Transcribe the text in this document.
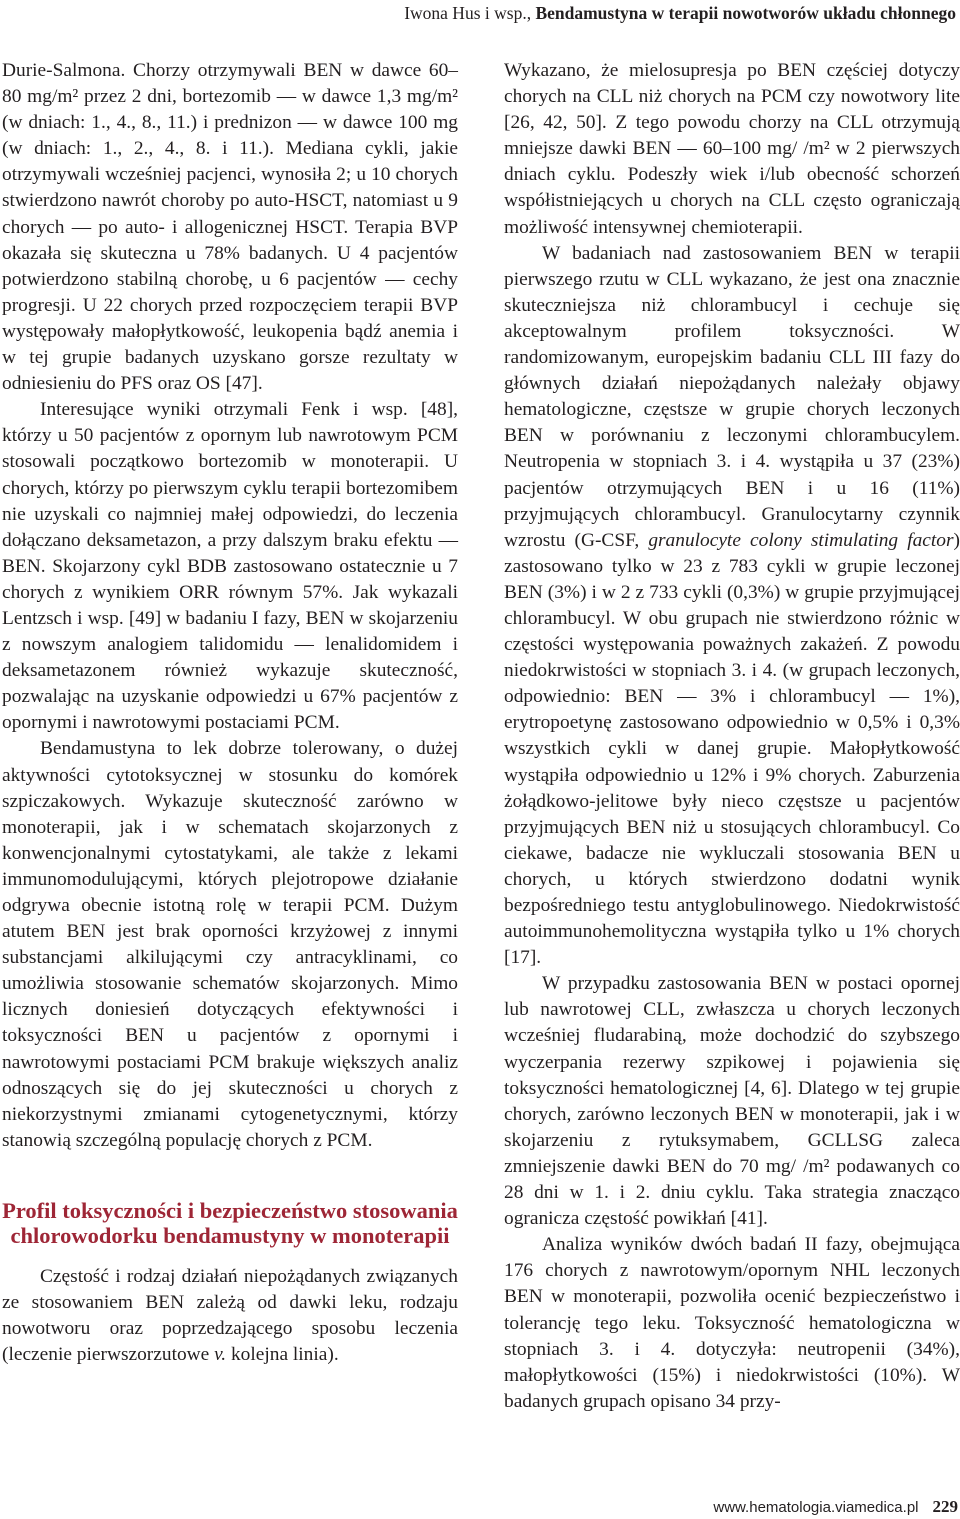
Iwona Hus i wsp., Bendamustyna w terapii nowotworów układu chłonnego

Durie-Salmona. Chorzy otrzymywali BEN w dawce 60–80 mg/m² przez 2 dni, bortezomib — w dawce 1,3 mg/m² (w dniach: 1., 4., 8., 11.) i prednizon — w dawce 100 mg (w dniach: 1., 2., 4., 8. i 11.). Mediana cykli, jakie otrzymywali wcześniej pacjenci, wynosiła 2; u 10 chorych stwierdzono nawrót choroby po auto-HSCT, natomiast u 9 chorych — po auto- i allogenicznej HSCT. Terapia BVP okazała się skuteczna u 78% badanych. U 4 pacjentów potwierdzono stabilną chorobę, u 6 pacjentów — cechy progresji. U 22 chorych przed rozpoczęciem terapii BVP występowały małopłytkowość, leukopenia bądź anemia i w tej grupie badanych uzyskano gorsze rezultaty w odniesieniu do PFS oraz OS [47].

Interesujące wyniki otrzymali Fenk i wsp. [48], którzy u 50 pacjentów z opornym lub nawrotowym PCM stosowali początkowo bortezomib w monoterapii. U chorych, którzy po pierwszym cyklu terapii bortezomibem nie uzyskali co najmniej małej odpowiedzi, do leczenia dołączano deksametazon, a przy dalszym braku efektu — BEN. Skojarzony cykl BDB zastosowano ostatecznie u 7 chorych z wynikiem ORR równym 57%. Jak wykazali Lentzsch i wsp. [49] w badaniu I fazy, BEN w skojarzeniu z nowszym analogiem talidomidu — lenalidomidem i deksametazonem również wykazuje skuteczność, pozwalając na uzyskanie odpowiedzi u 67% pacjentów z opornymi i nawrotowymi postaciami PCM.

Bendamustyna to lek dobrze tolerowany, o dużej aktywności cytotoksycznej w stosunku do komórek szpiczakowych. Wykazuje skuteczność zarówno w monoterapii, jak i w schematach skojarzonych z konwencjonalnymi cytostatykami, ale także z lekami immunomodulującymi, których plejotropowe działanie odgrywa obecnie istotną rolę w terapii PCM. Dużym atutem BEN jest brak oporności krzyżowej z innymi substancjami alkilującymi czy antracyklinami, co umożliwia stosowanie schematów skojarzonych. Mimo licznych doniesień dotyczących efektywności i toksyczności BEN u pacjentów z opornymi i nawrotowymi postaciami PCM brakuje większych analiz odnoszących się do jej skuteczności u chorych z niekorzystnymi zmianami cytogenetycznymi, którzy stanowią szczególną populację chorych z PCM.

Profil toksyczności i bezpieczeństwo stosowania chlorowodorku bendamustyny w monoterapii

Częstość i rodzaj działań niepożądanych związanych ze stosowaniem BEN zależą od dawki leku, rodzaju nowotworu oraz poprzedzającego sposobu leczenia (leczenie pierwszorzutowe v. kolejna linia).

Wykazano, że mielosupresja po BEN częściej dotyczy chorych na CLL niż chorych na PCM czy nowotwory lite [26, 42, 50]. Z tego powodu chorzy na CLL otrzymują mniejsze dawki BEN — 60–100 mg/ /m² w 2 pierwszych dniach cyklu. Podeszły wiek i/lub obecność schorzeń współistniejących u chorych na CLL często ograniczają możliwość intensywnej chemioterapii.

W badaniach nad zastosowaniem BEN w terapii pierwszego rzutu w CLL wykazano, że jest ona znacznie skuteczniejsza niż chlorambucyl i cechuje się akceptowalnym profilem toksyczności. W randomizowanym, europejskim badaniu CLL III fazy do głównych działań niepożądanych należały objawy hematologiczne, częstsze w grupie chorych leczonych BEN w porównaniu z leczonymi chlorambucylem. Neutropenia w stopniach 3. i 4. wystąpiła u 37 (23%) pacjentów otrzymujących BEN i u 16 (11%) przyjmujących chlorambucyl. Granulocytarny czynnik wzrostu (G-CSF, granulocyte colony stimulating factor) zastosowano tylko w 23 z 783 cykli w grupie leczonej BEN (3%) i w 2 z 733 cykli (0,3%) w grupie przyjmującej chlorambucyl. W obu grupach nie stwierdzono różnic w częstości występowania poważnych zakażeń. Z powodu niedokrwistości w stopniach 3. i 4. (w grupach leczonych, odpowiednio: BEN — 3% i chlorambucyl — 1%), erytropoetynę zastosowano odpowiednio w 0,5% i 0,3% wszystkich cykli w danej grupie. Małopłytkowość wystąpiła odpowiednio u 12% i 9% chorych. Zaburzenia żołądkowo-jelitowe były nieco częstsze u pacjentów przyjmujących BEN niż u stosujących chlorambucyl. Co ciekawe, badacze nie wykluczali stosowania BEN u chorych, u których stwierdzono dodatni wynik bezpośredniego testu antyglobulinowego. Niedokrwistość autoimmunohemolityczna wystąpiła tylko u 1% chorych [17].

W przypadku zastosowania BEN w postaci opornej lub nawrotowej CLL, zwłaszcza u chorych leczonych wcześniej fludarabiną, może dochodzić do szybszego wyczerpania rezerwy szpikowej i pojawienia się toksyczności hematologicznej [4, 6]. Dlatego w tej grupie chorych, zarówno leczonych BEN w monoterapii, jak i w skojarzeniu z rytuksymabem, GCLLSG zaleca zmniejszenie dawki BEN do 70 mg/ /m² podawanych co 28 dni w 1. i 2. dniu cyklu. Taka strategia znacząco ogranicza częstość powikłań [41].

Analiza wyników dwóch badań II fazy, obejmująca 176 chorych z nawrotowym/opornym NHL leczonych BEN w monoterapii, pozwoliła ocenić bezpieczeństwo i tolerancję tego leku. Toksyczność hematologiczna w stopniach 3. i 4. dotyczyła: neutropenii (34%), małopłytkowości (15%) i niedokrwistości (10%). W badanych grupach opisano 34 przy-

www.hematologia.viamedica.pl 229
